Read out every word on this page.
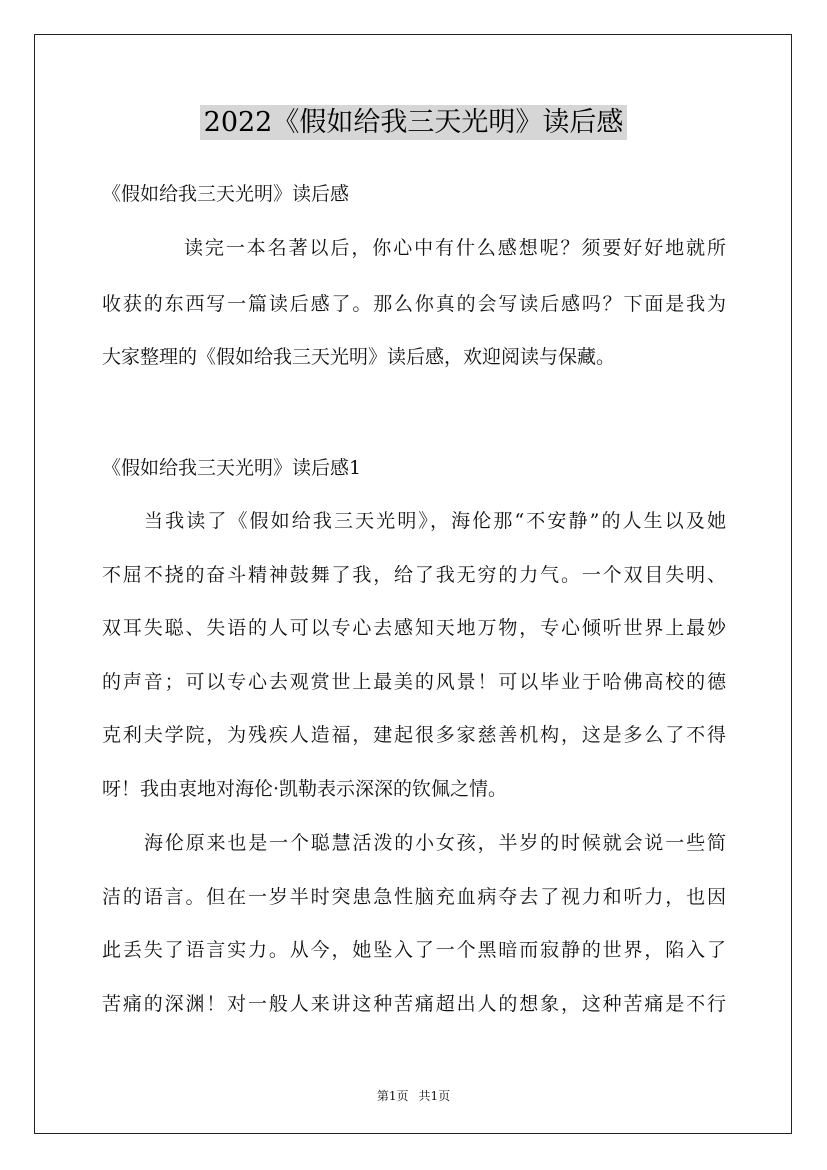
2022《假如给我三天光明》读后感

《假如给我三天光明》读后感

读完一本名著以后，你心中有什么感想呢？须要好好地就所

收获的东西写一篇读后感了。那么你真的会写读后感吗？下面是我为

大家整理的《假如给我三天光明》读后感，欢迎阅读与保藏。

《假如给我三天光明》读后感1

当我读了《假如给我三天光明》，海伦那“不安静”的人生以及她

不屈不挠的奋斗精神鼓舞了我，给了我无穷的力气。一个双目失明、

双耳失聪、失语的人可以专心去感知天地万物，专心倾听世界上最妙

的声音；可以专心去观赏世上最美的风景！可以毕业于哈佛高校的德

克利夫学院，为残疾人造福，建起很多家慈善机构，这是多么了不得

呀！我由衷地对海伦·凯勒表示深深的钦佩之情。

海伦原来也是一个聪慧活泼的小女孩，半岁的时候就会说一些简

洁的语言。但在一岁半时突患急性脑充血病夺去了视力和听力，也因

此丢失了语言实力。从今，她坠入了一个黑暗而寂静的世界，陷入了

苦痛的深渊！对一般人来讲这种苦痛超出人的想象，这种苦痛是不行

第1页 共1页
